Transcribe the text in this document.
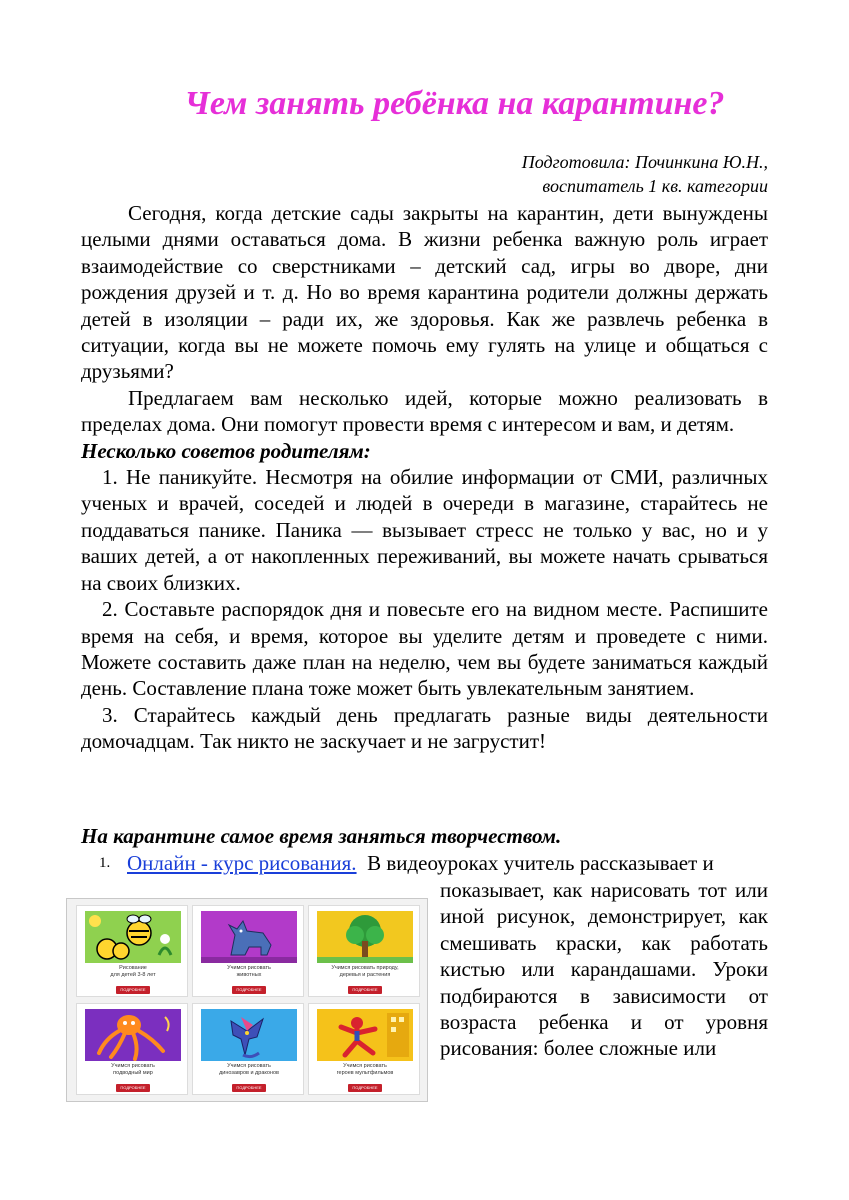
Чем занять ребёнка на карантине?
Подготовила: Починкина Ю.Н.,
воспитатель 1 кв. категории

Сегодня, когда детские сады закрыты на карантин, дети вынуждены целыми днями оставаться дома. В жизни ребенка важную роль играет взаимодействие со сверстниками – детский сад, игры во дворе, дни рождения друзей и т. д. Но во время карантина родители должны держать детей в изоляции – ради их, же здоровья. Как же развлечь ребенка в ситуации, когда вы не можете помочь ему гулять на улице и общаться с друзьями?

Предлагаем вам несколько идей, которые можно реализовать в пределах дома. Они помогут провести время с интересом и вам, и детям.

Несколько советов родителям:

1. Не паникуйте. Несмотря на обилие информации от СМИ, различных ученых и врачей, соседей и людей в очереди в магазине, старайтесь не поддаваться панике. Паника — вызывает стресс не только у вас, но и у ваших детей, а от накопленных переживаний, вы можете начать срываться на своих близких.
2. Составьте распорядок дня и повесьте его на видном месте. Распишите время на себя, и время, которое вы уделите детям и проведете с ними. Можете составить даже план на неделю, чем вы будете заниматься каждый день. Составление плана тоже может быть увлекательным занятием.
3. Старайтесь каждый день предлагать разные виды деятельности домочадцам. Так никто не заскучает и не загрустит!

На карантине самое время заняться творчеством.

1. Онлайн - курс рисования. В видеоуроках учитель рассказывает и
показывает, как нарисовать тот или иной рисунок, демонстрирует, как смешивать краски, как работать кистью или карандашами. Уроки подбираются в зависимости от возраста ребенка и от уровня рисования: более сложные или
Рисование
для детей 3-8 лет
ПОДРОБНЕЕ
Учимся рисовать
животных
ПОДРОБНЕЕ
Учимся рисовать природу,
деревья и растения
ПОДРОБНЕЕ
Учимся рисовать
подводный мир
ПОДРОБНЕЕ
Учимся рисовать
динозавров и драконов
ПОДРОБНЕЕ
Учимся рисовать
героев мультфильмов
ПОДРОБНЕЕ
